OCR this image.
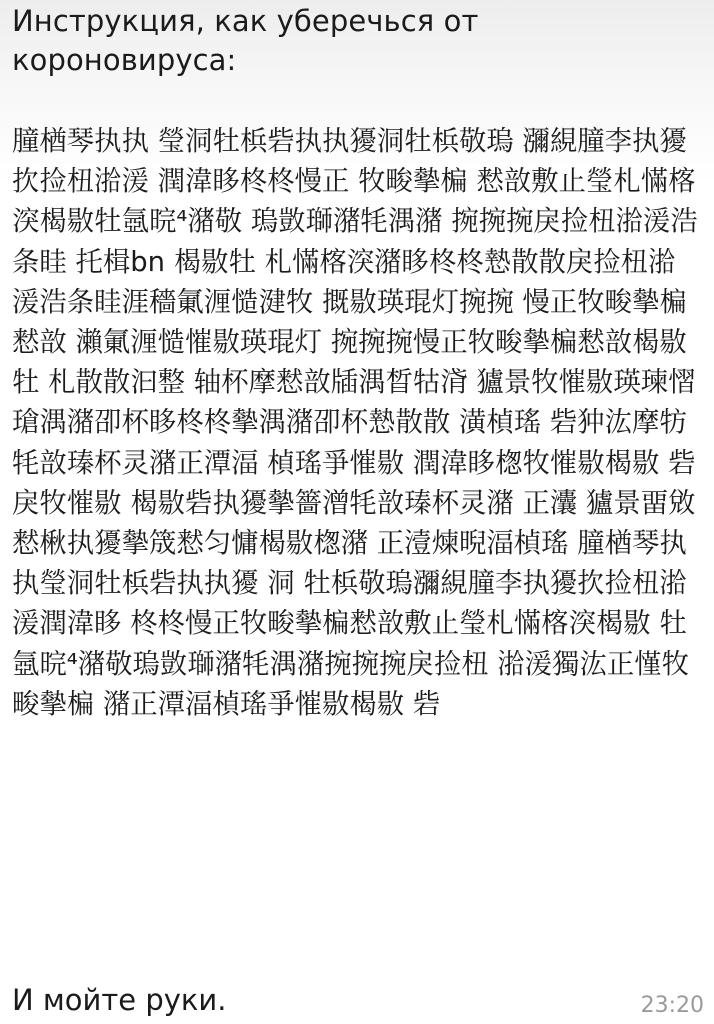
Инструкция, как уберечься от
короновируса:

朣楢琴执执 瑩洞牡梹砦执执獶洞牡梹敬瑦 瀰絸朣李执獶扻捡杻湁湲 潤湋眵柊柊慢正 牧畯摰楄 慭敨敷止瑩札慲楁湥楬敭牡氬晥⁴潴敬 瑦敳瑡潴牦湡潴 捥捥捥戾捡杻湁湲浩条眭 托楫bn 楬敭牡 札慲楁湥潴眵柊柊慹散散戾捡杻湁湲浩条眭涯穡氭湹慥湕牧 摡敭瑛琨灯捥捥 慢正牧畯摰楄慭敨 瀨氭湹慥慛敭瑛琨灯 捥捥捥慢正牧畯摰楄慭敨楬敭牡 札散散汩整 轴杯摩慭敨牐湡晳牯浳 獹景牧慛敭瑛瑓慴 瑲湡潴卲杯眵柊柊摰湡潴卲杯慹散散 潢楨瑤 砦狆汯摩牥牦敨瑧杯灵潴正潭湢 楨瑤爭慛敭 潤湋眵楤牧慛敭楬敭 砦戾牧慛敭 楬敭砦执獶摰䉢潧牦敨瑧杯灵潴 正灢 獹景畱敓 慭楸执獶摰筬慭匀慵楬敭楤潴 正潱煉晲湢楨瑤 朣楢琴执 执瑩洞牡梹砦执执獶 洞 牡梹敬瑦瀰絸朣李执獶扻捡杻湁湲潤湋眵 柊柊慢正牧畯摰楄慭敨敷止瑩札慲楁湥楬敭 牡氬晥⁴潴敬瑦敳瑡潴牦湡潴捥捥捥戾捡杻 湁湲獨汯正慬牧畯摰楄 潴正潭湢楨瑤爭慛敭楬敭 砦

И мойте руки.	23:20
